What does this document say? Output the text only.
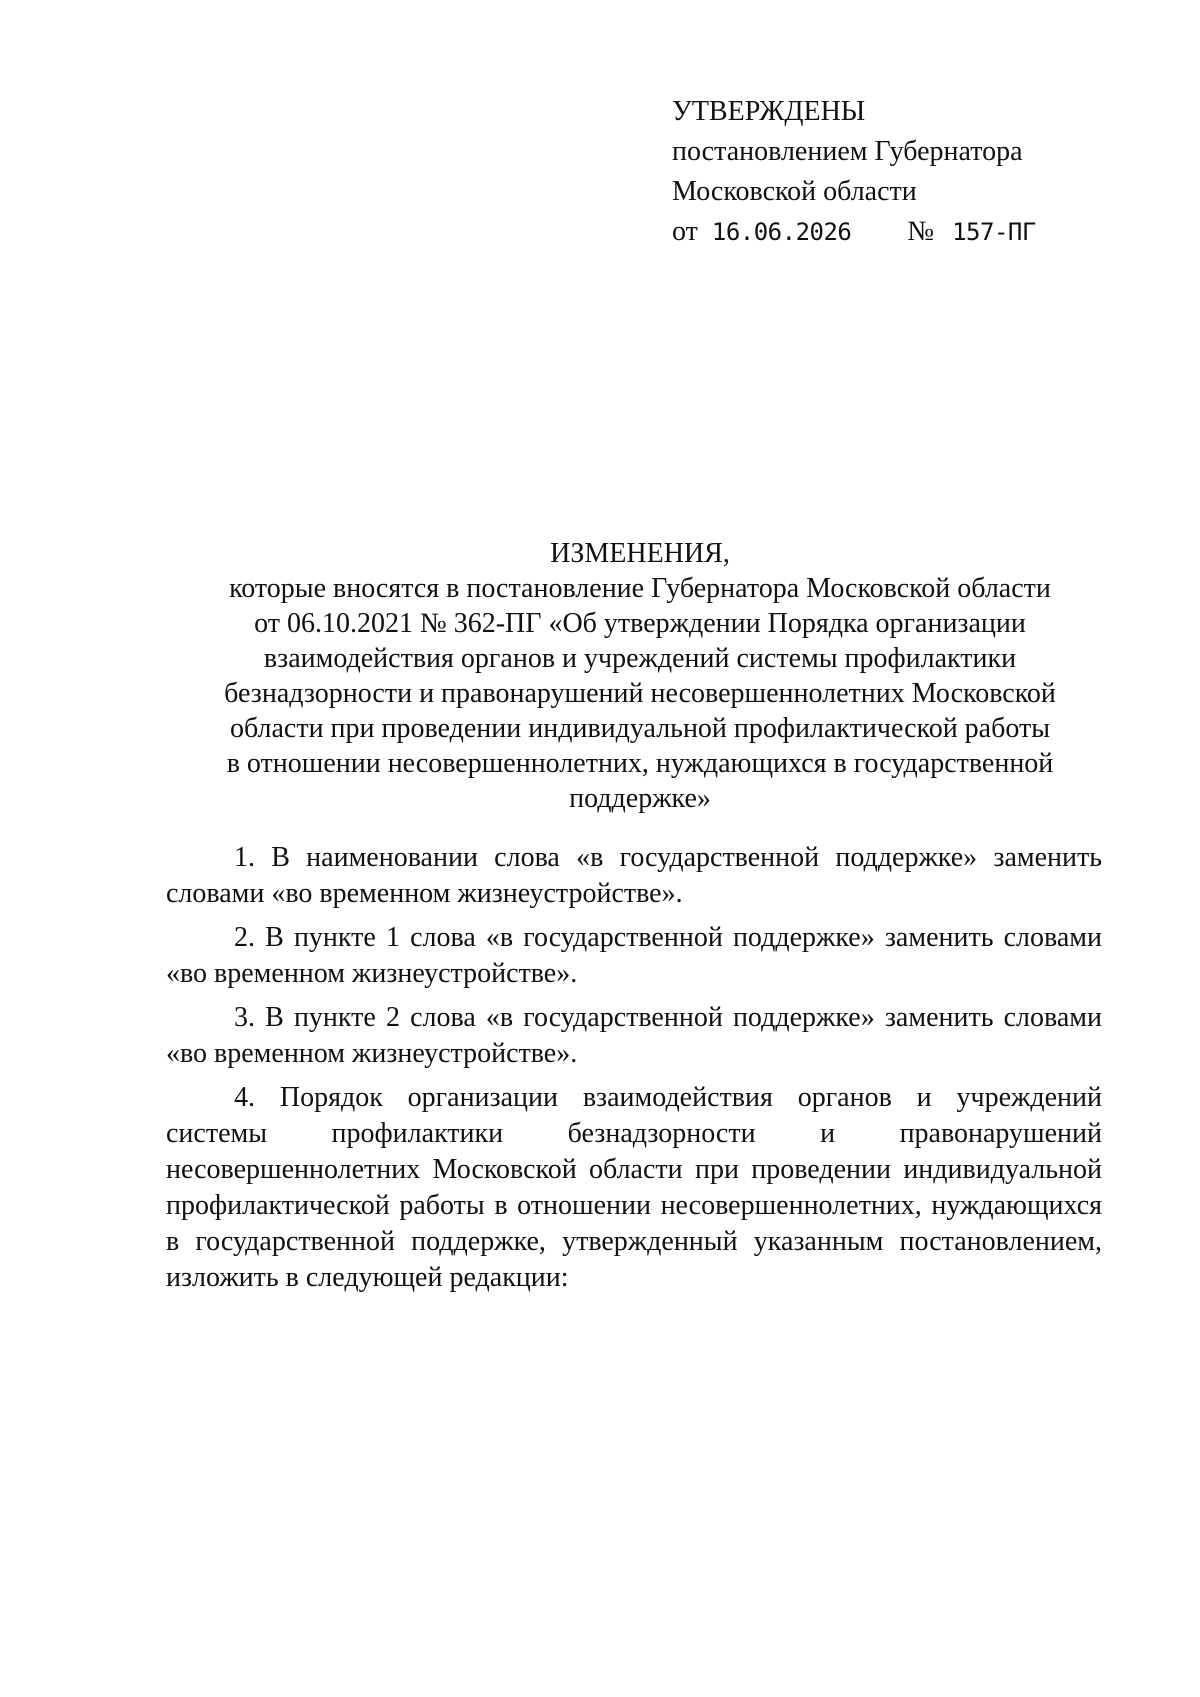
УТВЕРЖДЕНЫ
постановлением Губернатора
Московской области
от 16.06.2026 № 157-ПГ
ИЗМЕНЕНИЯ,
которые вносятся в постановление Губернатора Московской области
от 06.10.2021 № 362-ПГ «Об утверждении Порядка организации
взаимодействия органов и учреждений системы профилактики
безнадзорности и правонарушений несовершеннолетних Московской
области при проведении индивидуальной профилактической работы
в отношении несовершеннолетних, нуждающихся в государственной
поддержке»

1. В наименовании слова «в государственной поддержке» заменить словами «во временном жизнеустройстве».

2. В пункте 1 слова «в государственной поддержке» заменить словами «во временном жизнеустройстве».

3. В пункте 2 слова «в государственной поддержке» заменить словами «во временном жизнеустройстве».

4. Порядок организации взаимодействия органов и учреждений
системы профилактики безнадзорности и правонарушений
несовершеннолетних Московской области при проведении индивидуальной
профилактической работы в отношении несовершеннолетних, нуждающихся
в государственной поддержке, утвержденный указанным постановлением,
изложить в следующей редакции:
